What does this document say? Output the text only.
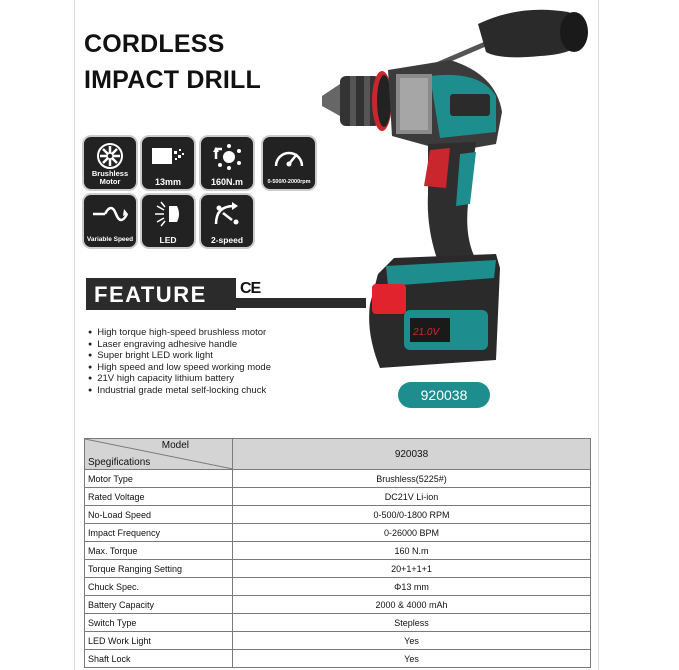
CORDLESS
IMPACT DRILL
Brushless Motor	13mm	160N.m	0-500/0-2000rpm
Variable Speed	LED	2-speed
FEATURE	CE
● High torque high-speed brushless motor
● Laser engraving adhesive handle
● Super bright LED work light
● High speed and low speed working mode
● 21V high capacity lithium battery
● Industrial grade metal self-locking chuck
21.0V
920038
Model
Spegifications	920038
Motor Type	Brushless(5225#)
Rated Voltage	DC21V Li-ion
No-Load Speed	0-500/0-1800 RPM
Impact Frequency	0-26000 BPM
Max. Torque	160 N.m
Torque Ranging Setting	20+1+1+1
Chuck Spec.	Φ13 mm
Battery Capacity	2000 & 4000 mAh
Switch Type	Stepless
LED Work Light	Yes
Shaft Lock	Yes
